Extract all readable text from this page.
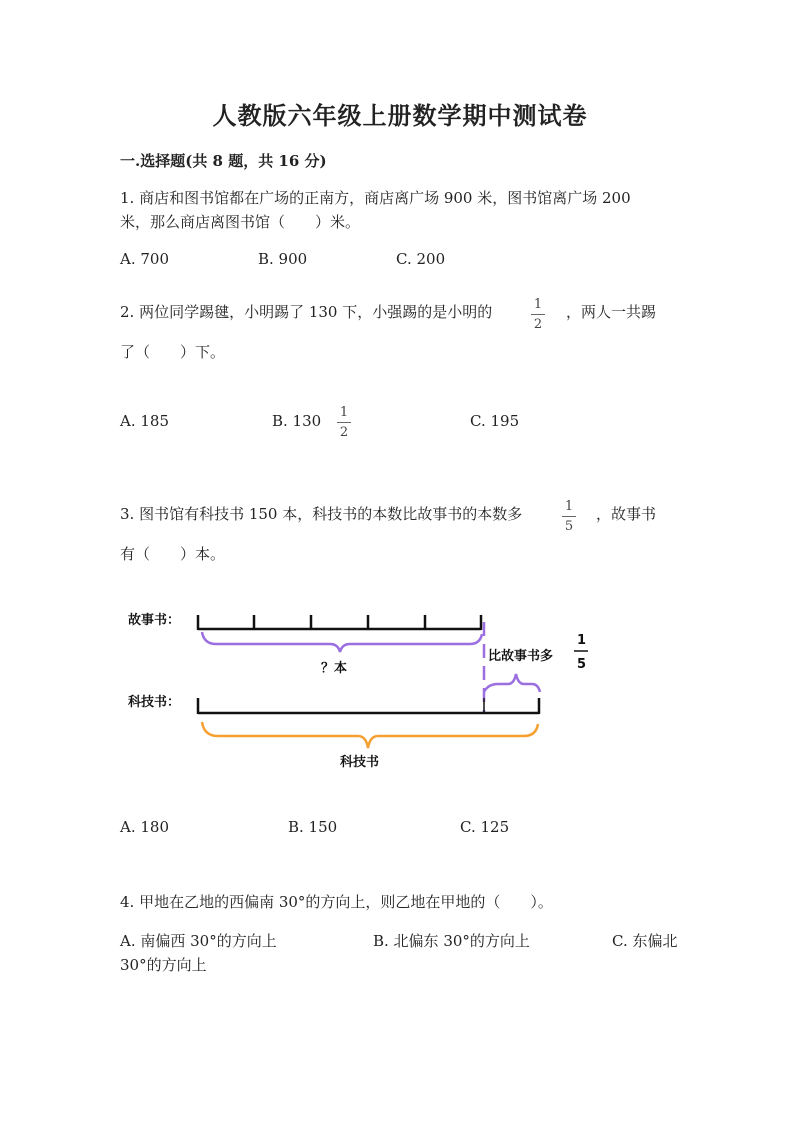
人教版六年级上册数学期中测试卷
一.选择题(共 8 题，共 16 分)
1. 商店和图书馆都在广场的正南方，商店离广场 900 米，图书馆离广场 200
米，那么商店离图书馆（　　）米。
A. 700	B. 900	C. 200
2. 两位同学踢毽，小明踢了 130 下，小强踢的是小明的	1
2
，两人一共踢
了（　　）下。
A. 185	B. 130 1
2
C. 195
3. 图书馆有科技书 150 本，科技书的本数比故事书的本数多	1
5
，故事书
有（　　）本。
故事书：
？本
比故事书多
1
5
科技书：
科技书
A. 180	B. 150	C. 125
4. 甲地在乙地的西偏南 30°的方向上，则乙地在甲地的（　　）。
A. 南偏西 30°的方向上	B. 北偏东 30°的方向上	C. 东偏北
30°的方向上
